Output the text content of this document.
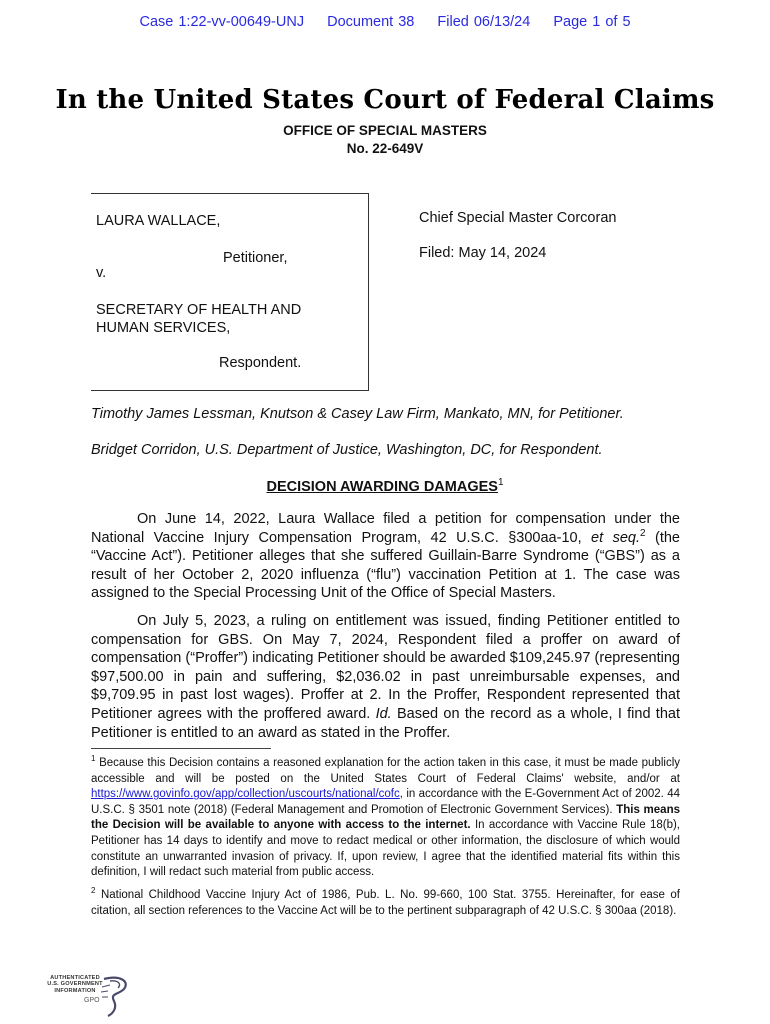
Case 1:22-vv-00649-UNJ Document 38 Filed 06/13/24 Page 1 of 5
In the United States Court of Federal Claims
OFFICE OF SPECIAL MASTERS
No. 22-649V
LAURA WALLACE,
Petitioner,
v.
SECRETARY OF HEALTH AND
HUMAN SERVICES,
Respondent.
Chief Special Master Corcoran
Filed: May 14, 2024
Timothy James Lessman, Knutson & Casey Law Firm, Mankato, MN, for Petitioner.
Bridget Corridon, U.S. Department of Justice, Washington, DC, for Respondent.
DECISION AWARDING DAMAGES$^1$
On June 14, 2022, Laura Wallace filed a petition for compensation under the National Vaccine Injury Compensation Program, 42 U.S.C. §300aa-10, et seq.$^2$ (the “Vaccine Act”). Petitioner alleges that she suffered Guillain-Barre Syndrome (“GBS”) as a result of her October 2, 2020 influenza (“flu”) vaccination Petition at 1. The case was assigned to the Special Processing Unit of the Office of Special Masters.
On July 5, 2023, a ruling on entitlement was issued, finding Petitioner entitled to compensation for GBS. On May 7, 2024, Respondent filed a proffer on award of compensation (“Proffer”) indicating Petitioner should be awarded $109,245.97 (representing $97,500.00 in pain and suffering, $2,036.02 in past unreimbursable expenses, and $9,709.95 in past lost wages). Proffer at 2. In the Proffer, Respondent represented that Petitioner agrees with the proffered award. Id. Based on the record as a whole, I find that Petitioner is entitled to an award as stated in the Proffer.
$^1$ Because this Decision contains a reasoned explanation for the action taken in this case, it must be made publicly accessible and will be posted on the United States Court of Federal Claims' website, and/or at https://www.govinfo.gov/app/collection/uscourts/national/cofc, in accordance with the E-Government Act of 2002. 44 U.S.C. § 3501 note (2018) (Federal Management and Promotion of Electronic Government Services). This means the Decision will be available to anyone with access to the internet. In accordance with Vaccine Rule 18(b), Petitioner has 14 days to identify and move to redact medical or other information, the disclosure of which would constitute an unwarranted invasion of privacy. If, upon review, I agree that the identified material fits within this definition, I will redact such material from public access.
$^2$ National Childhood Vaccine Injury Act of 1986, Pub. L. No. 99-660, 100 Stat. 3755. Hereinafter, for ease of citation, all section references to the Vaccine Act will be to the pertinent subparagraph of 42 U.S.C. § 300aa (2018).
AUTHENTICATED
U.S. GOVERNMENT
INFORMATION
GPO
